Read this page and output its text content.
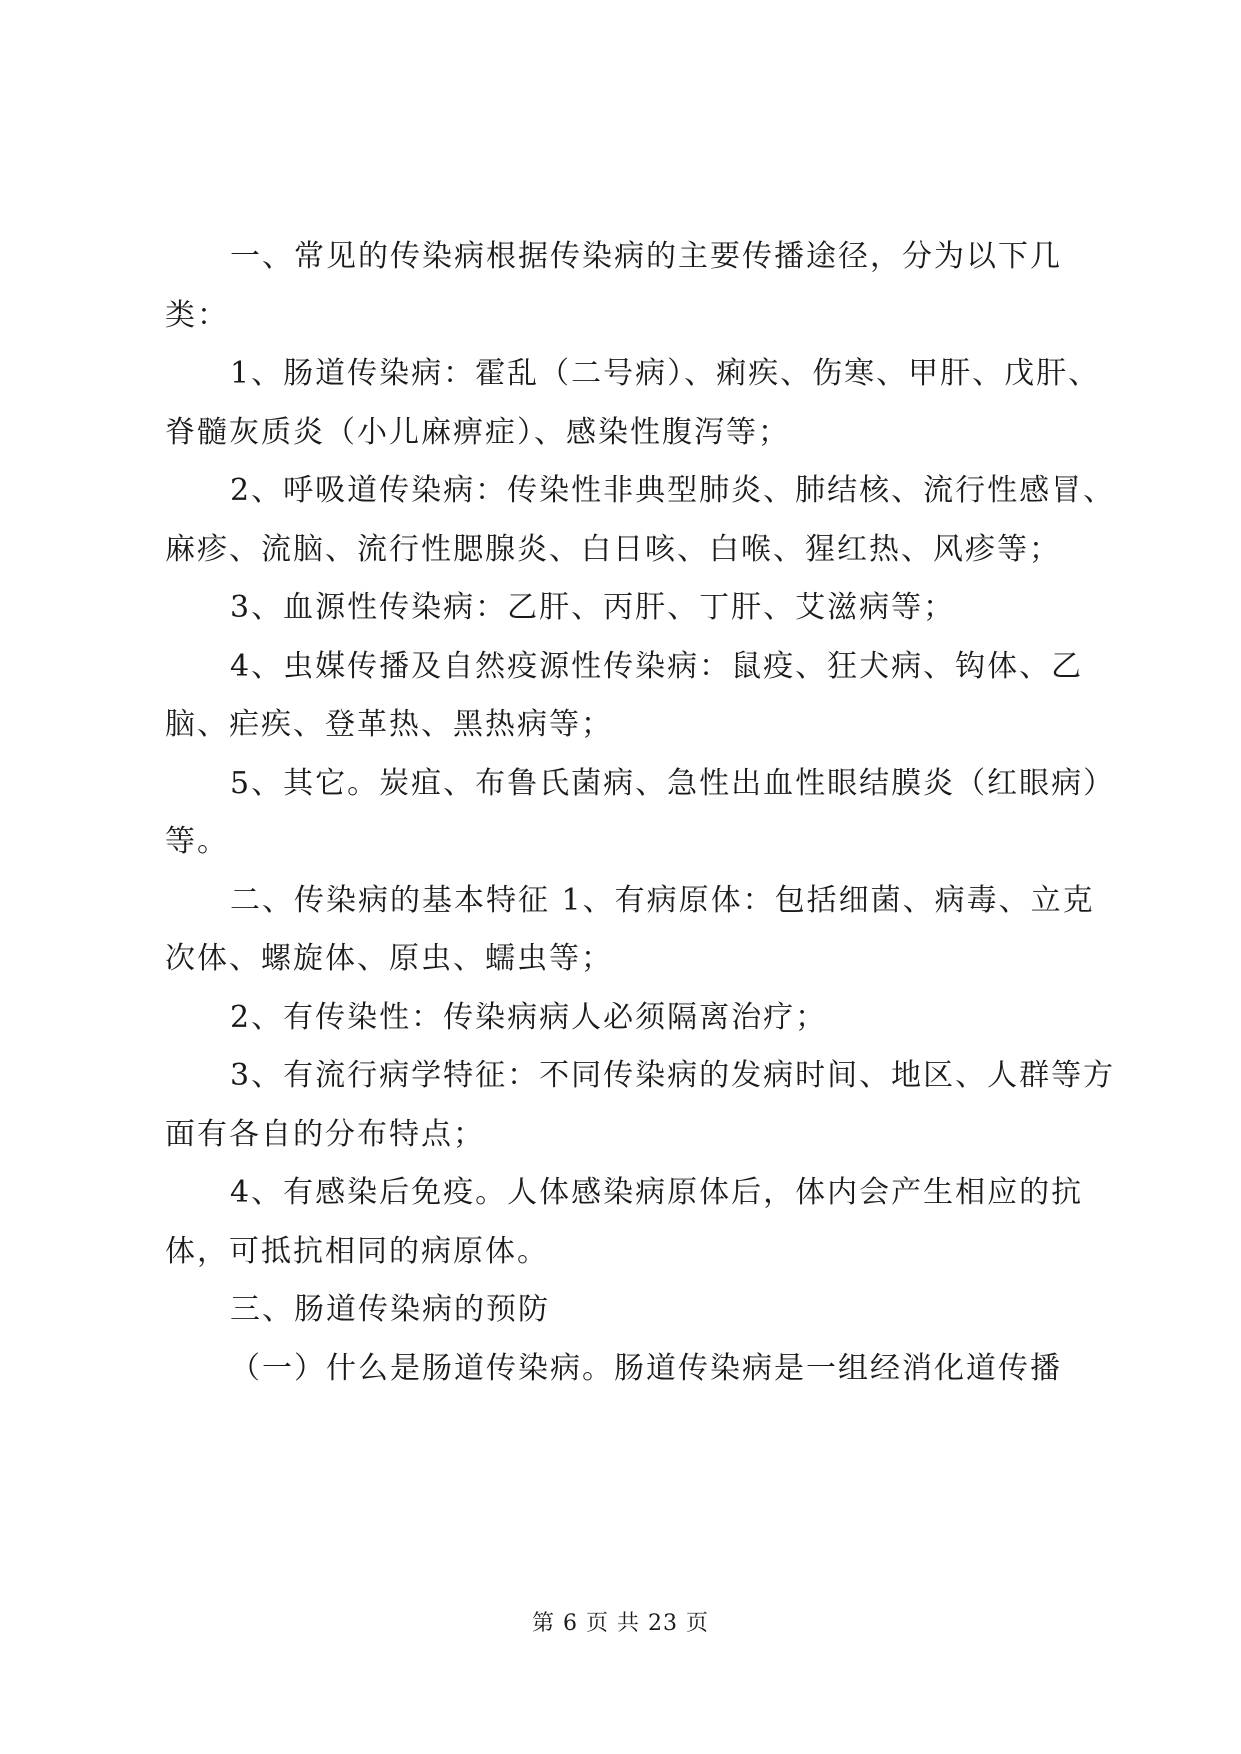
一、常见的传染病根据传染病的主要传播途径，分为以下几类：

1、肠道传染病：霍乱（二号病）、痢疾、伤寒、甲肝、戊肝、脊髓灰质炎（小儿麻痹症）、感染性腹泻等；

2、呼吸道传染病：传染性非典型肺炎、肺结核、流行性感冒、麻疹、流脑、流行性腮腺炎、白日咳、白喉、猩红热、风疹等；

3、血源性传染病：乙肝、丙肝、丁肝、艾滋病等；

4、虫媒传播及自然疫源性传染病：鼠疫、狂犬病、钩体、乙脑、疟疾、登革热、黑热病等；

5、其它。炭疽、布鲁氏菌病、急性出血性眼结膜炎（红眼病）等。

二、传染病的基本特征 1、有病原体：包括细菌、病毒、立克次体、螺旋体、原虫、蠕虫等；

2、有传染性：传染病病人必须隔离治疗；

3、有流行病学特征：不同传染病的发病时间、地区、人群等方面有各自的分布特点；

4、有感染后免疫。人体感染病原体后，体内会产生相应的抗体，可抵抗相同的病原体。

三、肠道传染病的预防

（一）什么是肠道传染病。肠道传染病是一组经消化道传播

第 6 页 共 23 页
